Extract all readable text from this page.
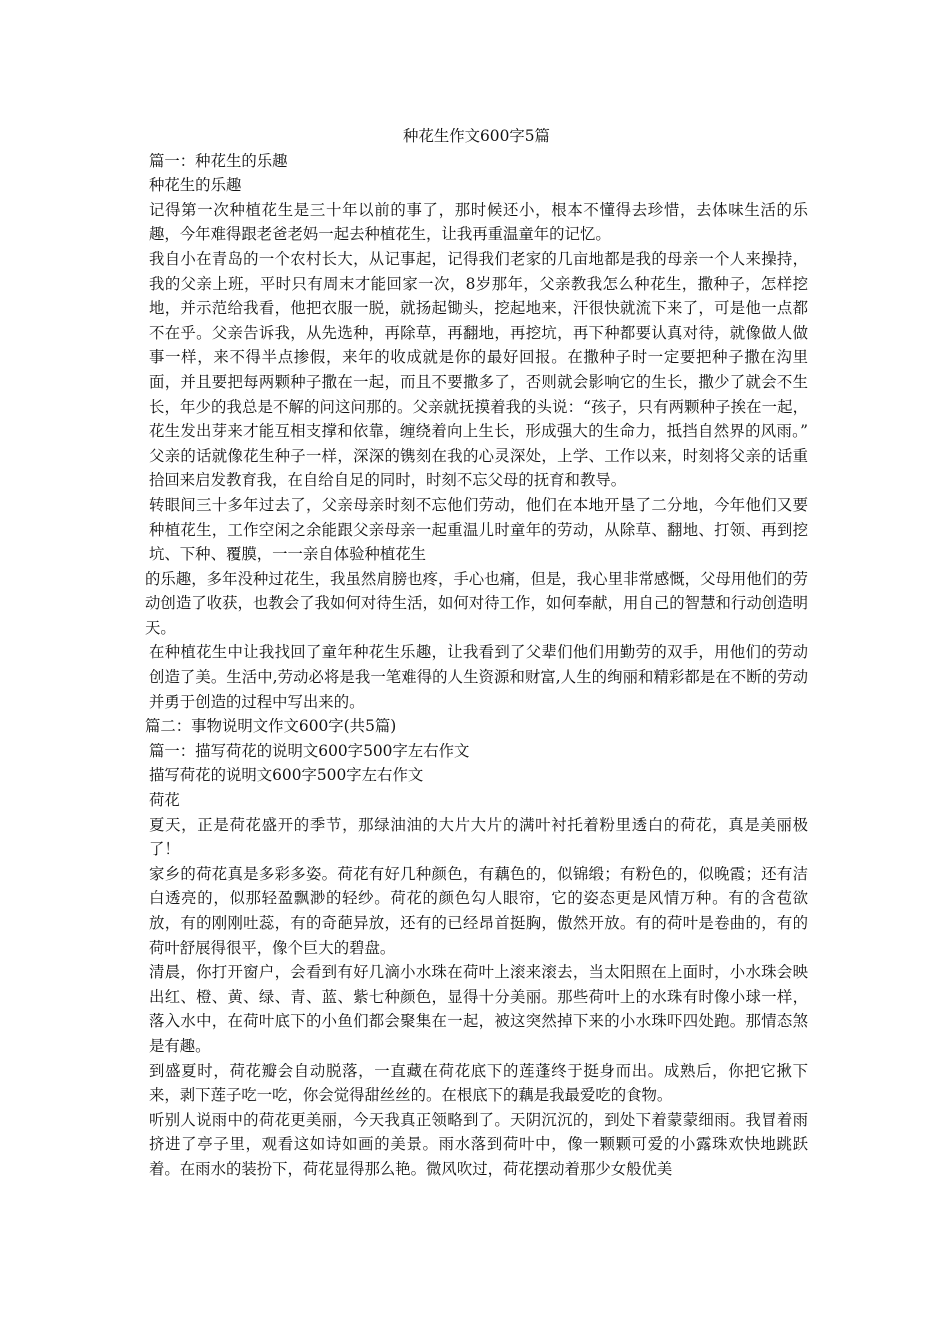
种花生作文600字5篇
篇一：种花生的乐趣
种花生的乐趣
记得第一次种植花生是三十年以前的事了，那时候还小，根本不懂得去珍惜，去体味生活的乐趣，今年难得跟老爸老妈一起去种植花生，让我再重温童年的记忆。
我自小在青岛的一个农村长大，从记事起，记得我们老家的几亩地都是我的母亲一个人来操持，我的父亲上班，平时只有周末才能回家一次，8岁那年，父亲教我怎么种花生，撒种子，怎样挖地，并示范给我看，他把衣服一脱，就扬起锄头，挖起地来，汗很快就流下来了，可是他一点都不在乎。父亲告诉我，从先选种，再除草，再翻地，再挖坑，再下种都要认真对待，就像做人做事一样，来不得半点掺假，来年的收成就是你的最好回报。在撒种子时一定要把种子撒在沟里面，并且要把每两颗种子撒在一起，而且不要撒多了，否则就会影响它的生长，撒少了就会不生长，年少的我总是不解的问这问那的。父亲就抚摸着我的头说：“孩子，只有两颗种子挨在一起，花生发出芽来才能互相支撑和依靠，缠绕着向上生长，形成强大的生命力，抵挡自然界的风雨。” 父亲的话就像花生种子一样，深深的镌刻在我的心灵深处，上学、工作以来，时刻将父亲的话重拾回来启发教育我，在自给自足的同时，时刻不忘父母的抚育和教导。
转眼间三十多年过去了，父亲母亲时刻不忘他们劳动，他们在本地开垦了二分地，今年他们又要种植花生，工作空闲之余能跟父亲母亲一起重温儿时童年的劳动，从除草、翻地、打领、再到挖坑、下种、覆膜，一一亲自体验种植花生
的乐趣，多年没种过花生，我虽然肩膀也疼，手心也痛，但是，我心里非常感慨，父母用他们的劳动创造了收获，也教会了我如何对待生活，如何对待工作，如何奉献，用自己的智慧和行动创造明天。
在种植花生中让我找回了童年种花生乐趣，让我看到了父辈们他们用勤劳的双手，用他们的劳动创造了美。生活中,劳动必将是我一笔难得的人生资源和财富,人生的绚丽和精彩都是在不断的劳动并勇于创造的过程中写出来的。
篇二：事物说明文作文600字(共5篇)
篇一：描写荷花的说明文600字500字左右作文
描写荷花的说明文600字500字左右作文
荷花
夏天，正是荷花盛开的季节，那绿油油的大片大片的满叶衬托着粉里透白的荷花，真是美丽极了！
家乡的荷花真是多彩多姿。荷花有好几种颜色，有藕色的，似锦缎；有粉色的，似晚霞；还有洁白透亮的，似那轻盈飘渺的轻纱。荷花的颜色勾人眼帘，它的姿态更是风情万种。有的含苞欲放，有的刚刚吐蕊，有的奇葩异放，还有的已经昂首挺胸，傲然开放。有的荷叶是卷曲的，有的荷叶舒展得很平，像个巨大的碧盘。
清晨，你打开窗户，会看到有好几滴小水珠在荷叶上滚来滚去，当太阳照在上面时，小水珠会映出红、橙、黄、绿、青、蓝、紫七种颜色，显得十分美丽。那些荷叶上的水珠有时像小球一样，落入水中，在荷叶底下的小鱼们都会聚集在一起，被这突然掉下来的小水珠吓四处跑。那情态煞是有趣。
到盛夏时，荷花瓣会自动脱落，一直藏在荷花底下的莲蓬终于挺身而出。成熟后，你把它揪下来，剥下莲子吃一吃，你会觉得甜丝丝的。在根底下的藕是我最爱吃的食物。
听别人说雨中的荷花更美丽，今天我真正领略到了。天阴沉沉的，到处下着蒙蒙细雨。我冒着雨挤进了亭子里，观看这如诗如画的美景。雨水落到荷叶中，像一颗颗可爱的小露珠欢快地跳跃着。在雨水的装扮下，荷花显得那么艳。微风吹过，荷花摆动着那少女般优美
